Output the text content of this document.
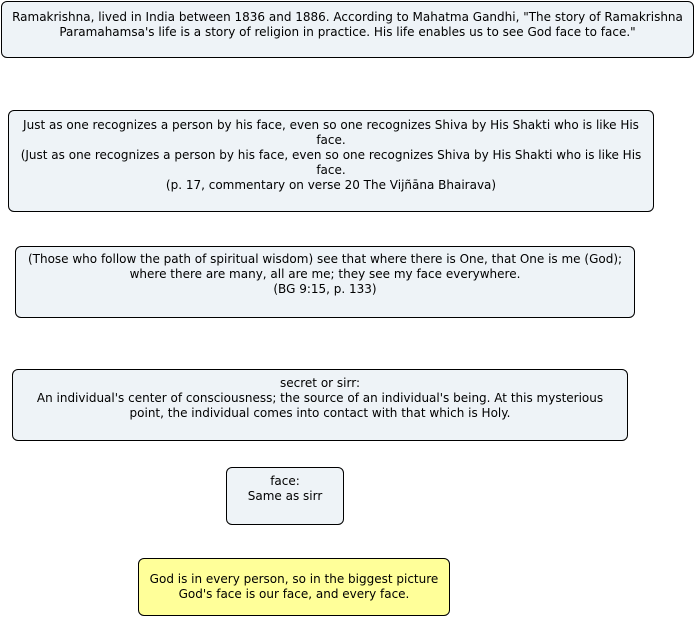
Ramakrishna, lived in India between 1836 and 1886. According to Mahatma Gandhi, "The story of Ramakrishna
Paramahamsa's life is a story of religion in practice. His life enables us to see God face to face."
Just as one recognizes a person by his face, even so one recognizes Shiva by His Shakti who is like His
face.
(Just as one recognizes a person by his face, even so one recognizes Shiva by His Shakti who is like His
face.
(p. 17, commentary on verse 20 The Vijñāna Bhairava)
(Those who follow the path of spiritual wisdom) see that where there is One, that One is me (God);
where there are many, all are me; they see my face everywhere.
(BG 9:15, p. 133)
secret or sirr:
An individual's center of consciousness; the source of an individual's being. At this mysterious
point, the individual comes into contact with that which is Holy.
face:
Same as sirr
God is in every person, so in the biggest picture
God's face is our face, and every face.
